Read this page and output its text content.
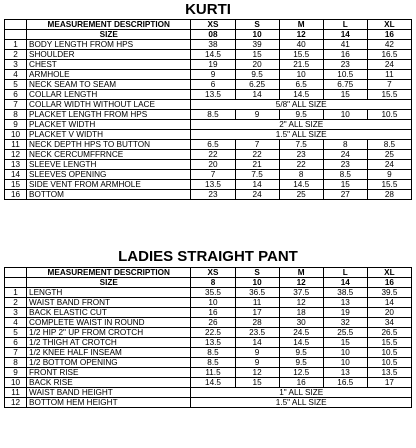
KURTI
	MEASUREMENT DESCRIPTION	XS	S	M	L	XL
	SIZE	08	10	12	14	16
1	BODY LENGTH FROM HPS	38	39	40	41	42
2	SHOULDER	14.5	15	15.5	16	16.5
3	CHEST	19	20	21.5	23	24
4	ARMHOLE	9	9.5	10	10.5	11
5	NECK SEAM TO SEAM	6	6.25	6.5	6.75	7
6	COLLAR LENGTH	13.5	14	14.5	15	15.5
7	COLLAR WIDTH WITHOUT LACE	5/8" ALL SIZE				
8	PLACKET LENGTH FROM HPS	8.5	9	9.5	10	10.5
9	PLACKET WIDTH	2" ALL SIZE				
10	PLACKET V WIDTH	1.5" ALL SIZE				
11	NECK DEPTH HPS TO BUTTON	6.5	7	7.5	8	8.5
12	NECK CERCUMFFRNCE	22	22	23	24	25
13	SLEEVE LENGTH	20	21	22	23	24
14	SLEEVES OPENING	7	7.5	8	8.5	9
15	SIDE VENT FROM ARMHOLE	13.5	14	14.5	15	15.5
16	BOTTOM	23	24	25	27	28
LADIES STRAIGHT PANT
	MEASUREMENT DESCRIPTION	XS	S	M	L	XL
	SIZE	8	10	12	14	16
1	LENGTH	35.5	36.5	37.5	38.5	39.5
2	WAIST BAND FRONT	10	11	12	13	14
3	BACK ELASTIC CUT	16	17	18	19	20
4	COMPLETE WAIST IN ROUND	26	28	30	32	34
5	1/2 HIP 2" UP FROM CROTCH	22.5	23.5	24.5	25.5	26.5
6	1/2 THIGH AT CROTCH	13.5	14	14.5	15	15.5
7	1/2 KNEE HALF INSEAM	8.5	9	9.5	10	10.5
8	1/2 BOTTOM OPENING	8.5	9	9.5	10	10.5
9	FRONT RISE	11.5	12	12.5	13	13.5
10	BACK RISE	14.5	15	16	16.5	17
11	WAIST BAND HEIGHT	1" ALL SIZE				
12	BOTTOM HEM HEIGHT	1.5" ALL SIZE				
